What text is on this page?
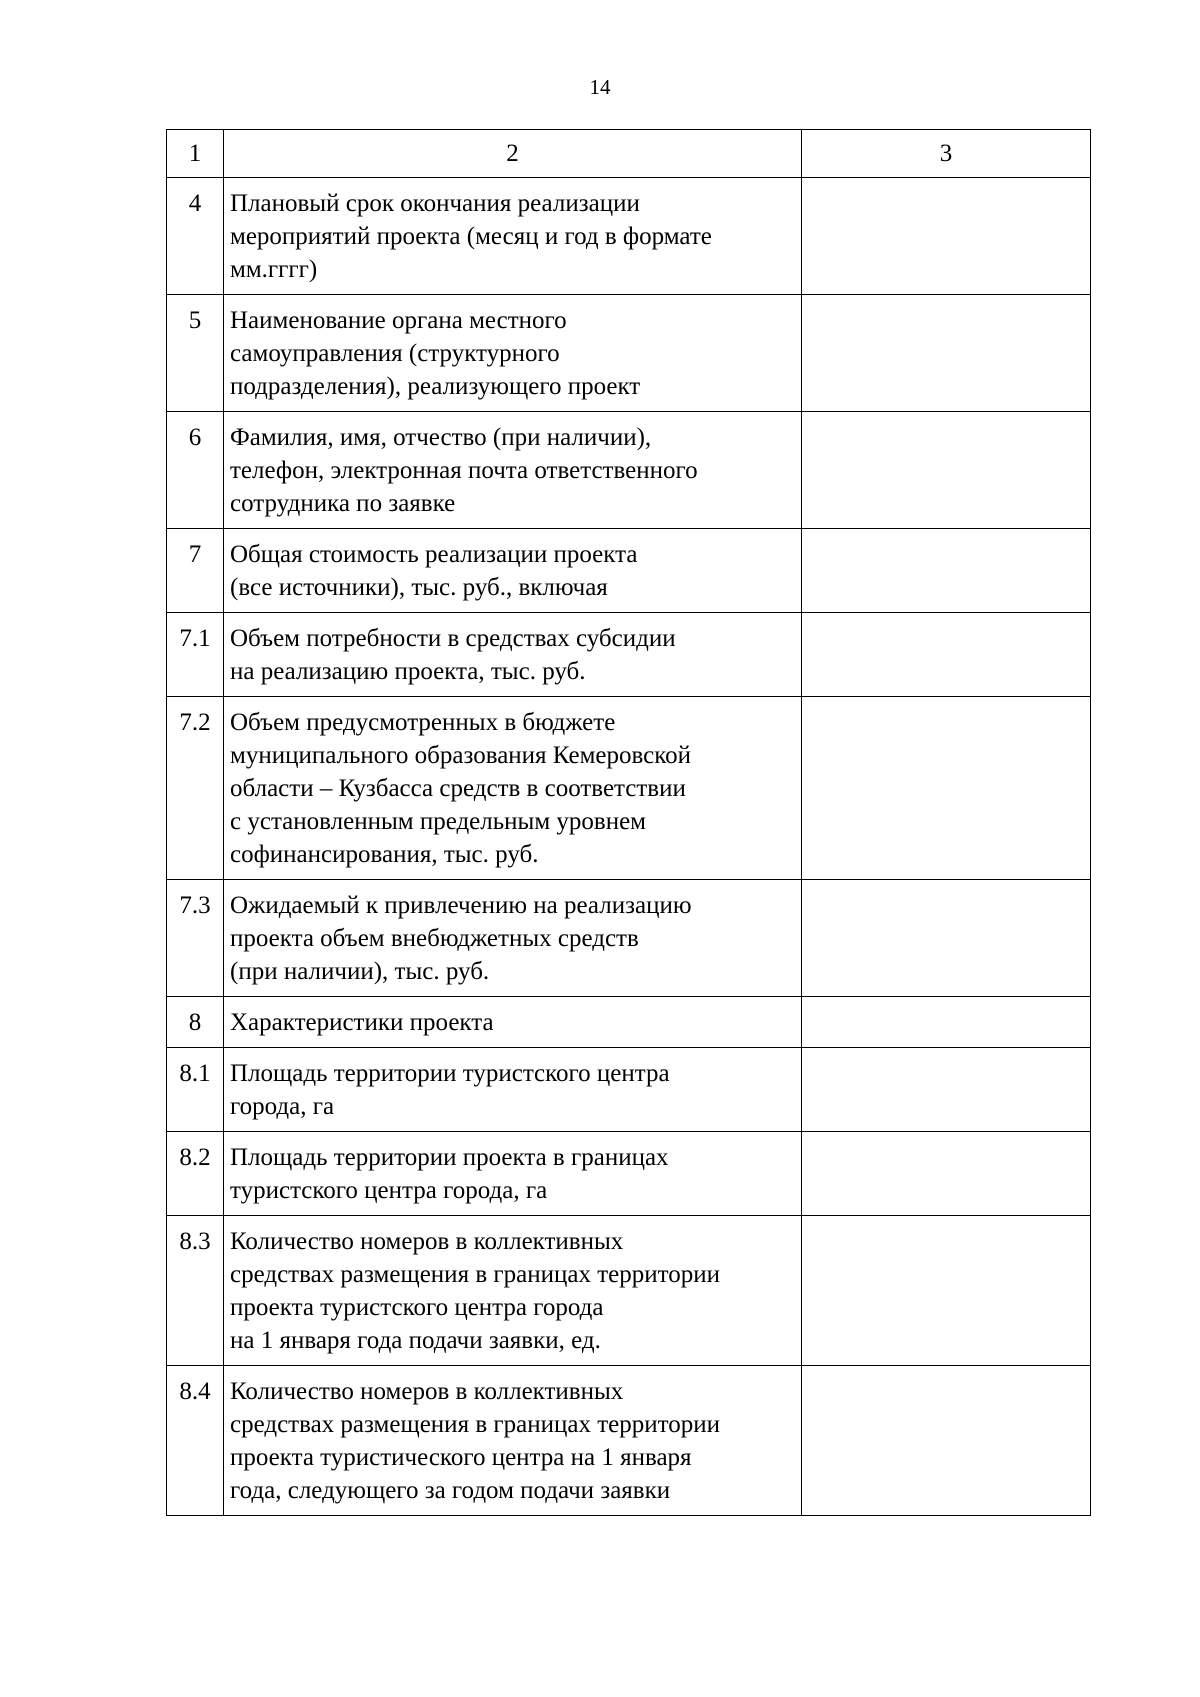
14
1	2	3
4	Плановый срок окончания реализации
мероприятий проекта (месяц и год в формате
мм.гггг)	

5	Наименование органа местного
самоуправления (структурного
подразделения), реализующего проект	

6	Фамилия, имя, отчество (при наличии),
телефон, электронная почта ответственного
сотрудника по заявке	

7	Общая стоимость реализации проекта
(все источники), тыс. руб., включая	

7.1	Объем потребности в средствах субсидии
на реализацию проекта, тыс. руб.	

7.2	Объем предусмотренных в бюджете
муниципального образования Кемеровской
области – Кузбасса средств в соответствии
с установленным предельным уровнем
софинансирования, тыс. руб.	

7.3	Ожидаемый к привлечению на реализацию
проекта объем внебюджетных средств
(при наличии), тыс. руб.	

8	Характеристики проекта	

8.1	Площадь территории туристского центра
города, га	

8.2	Площадь территории проекта в границах
туристского центра города, га	

8.3	Количество номеров в коллективных
средствах размещения в границах территории
проекта туристского центра города
на 1 января года подачи заявки, ед.	

8.4	Количество номеров в коллективных
средствах размещения в границах территории
проекта туристического центра на 1 января
года, следующего за годом подачи заявки	
